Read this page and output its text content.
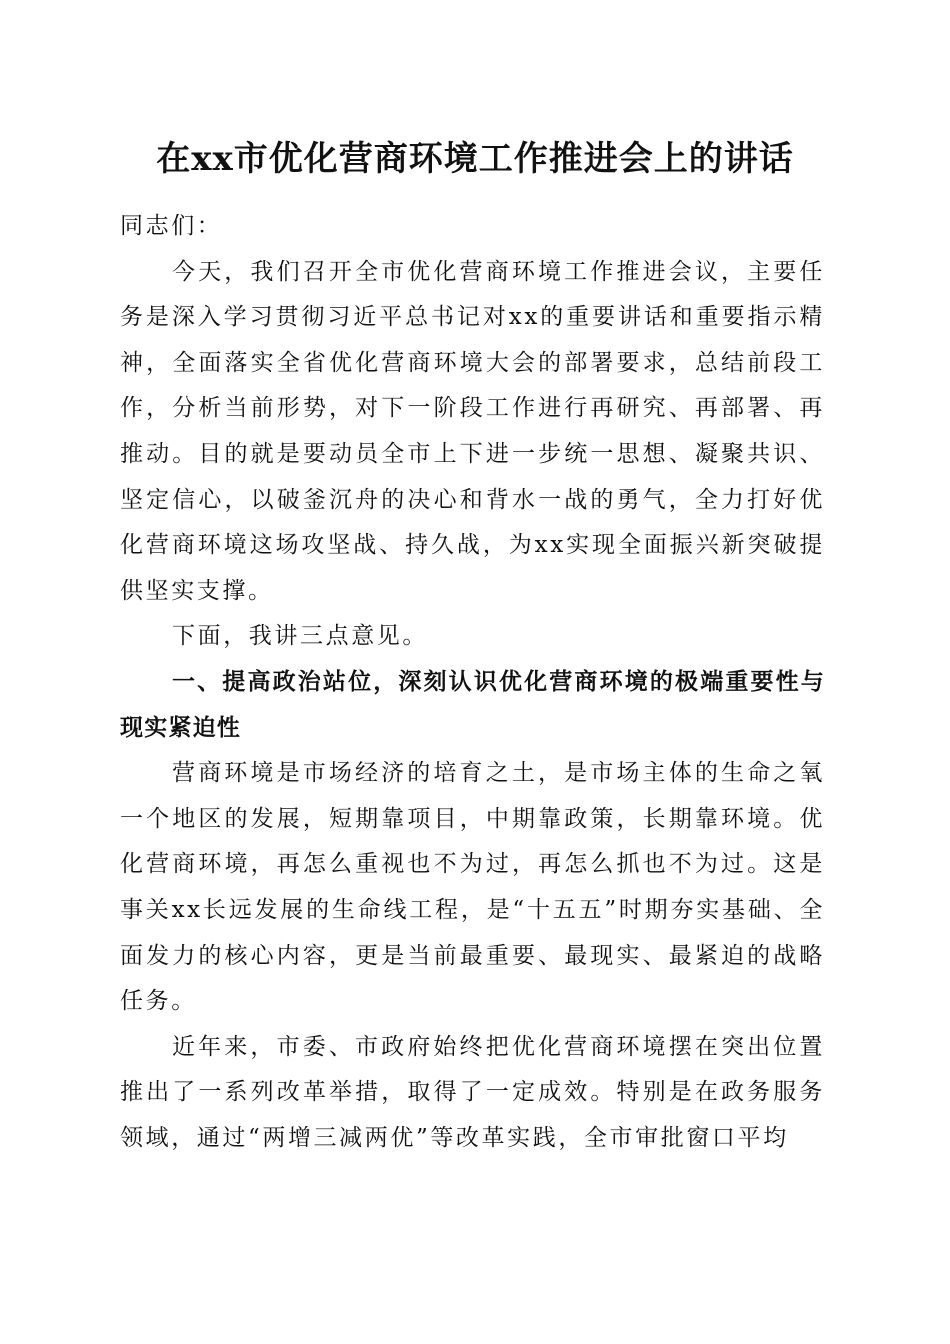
在xx市优化营商环境工作推进会上的讲话

同志们：

今天，我们召开全市优化营商环境工作推进会议，主要任务是深入学习贯彻习近平总书记对xx的重要讲话和重要指示精神，全面落实全省优化营商环境大会的部署要求，总结前段工作，分析当前形势，对下一阶段工作进行再研究、再部署、再推动。目的就是要动员全市上下进一步统一思想、凝聚共识、坚定信心，以破釜沉舟的决心和背水一战的勇气，全力打好优化营商环境这场攻坚战、持久战，为xx实现全面振兴新突破提供坚实支撑。

下面，我讲三点意见。

一、提高政治站位，深刻认识优化营商环境的极端重要性与现实紧迫性

营商环境是市场经济的培育之土，是市场主体的生命之氧一个地区的发展，短期靠项目，中期靠政策，长期靠环境。优化营商环境，再怎么重视也不为过，再怎么抓也不为过。这是事关xx长远发展的生命线工程，是“十五五”时期夯实基础、全面发力的核心内容，更是当前最重要、最现实、最紧迫的战略任务。

近年来，市委、市政府始终把优化营商环境摆在突出位置推出了一系列改革举措，取得了一定成效。特别是在政务服务领域，通过“两增三减两优”等改革实践，全市审批窗口平均
